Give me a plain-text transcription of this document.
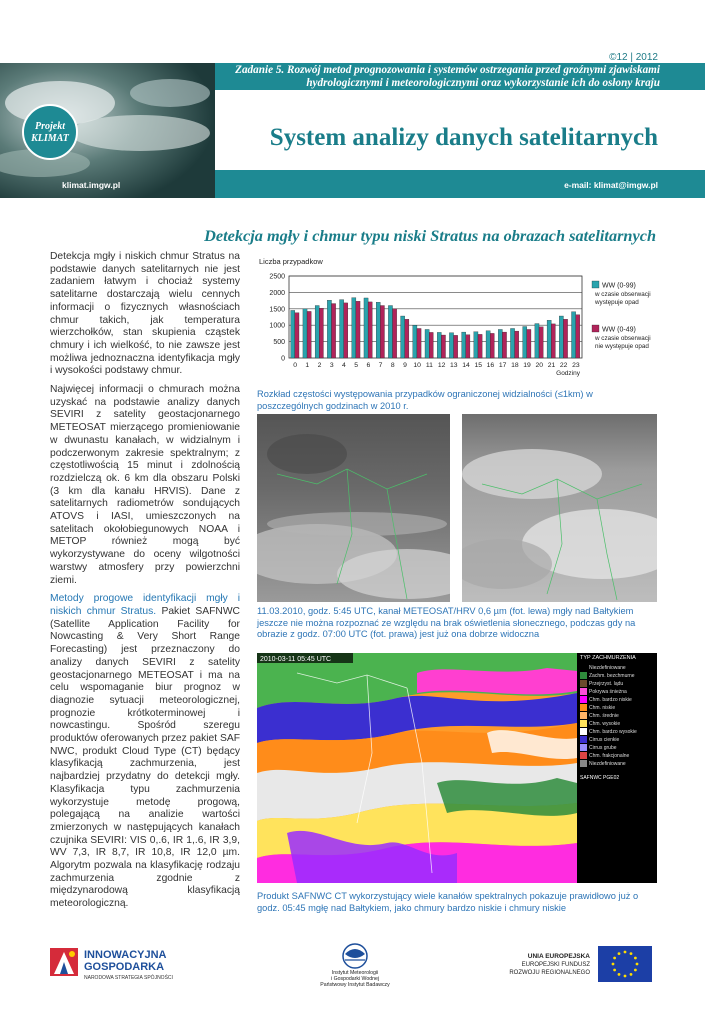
©12 | 2012
Zadanie 5. Rozwój metod prognozowania i systemów ostrzegania przed groźnymi zjawiskami
hydrologicznymi i meteorologicznymi oraz wykorzystanie ich do osłony kraju
System analizy danych satelitarnych
Projekt
KLIMAT
klimat.imgw.pl	e-mail: klimat@imgw.pl
Detekcja mgły i chmur typu niski Stratus na obrazach satelitarnych

Detekcja mgły i niskich chmur Stratus na podstawie danych satelitarnych nie jest zadaniem łatwym i chociaż systemy satelitarne dostarczają wielu cennych informacji o fizycznych własnościach chmur takich, jak temperatura wierzchołków, stan skupienia cząstek chmury i ich wielkość, to nie zawsze jest możliwa jednoznaczna identyfikacja mgły i wysokości podstawy chmur.

Najwięcej informacji o chmurach można uzyskać na podstawie analizy danych SEVIRI z satelity geostacjonarnego METEOSAT mierzącego promieniowanie w dwunastu kanałach, w widzialnym i podczerwonym zakresie spektralnym; z częstotliwością 15 minut i zdolnością rozdzielczą ok. 6 km dla obszaru Polski (3 km dla kanału HRVIS). Dane z satelitarnych radiometrów sondujących ATOVS i IASI, umieszczonych na satelitach okołobiegunowych NOAA i METOP również mogą być wykorzystywane do oceny wilgotności warstwy atmosfery przy powierzchni ziemi.

Metody progowe identyfikacji mgły i niskich chmur Stratus. Pakiet SAFNWC (Satellite Application Facility for Nowcasting & Very Short Range Forecasting) jest przeznaczony do analizy danych SEVIRI z satelity geostacjonarnego METEOSAT i ma na celu wspomaganie biur prognoz w diagnozie sytuacji meteorologicznej, prognozie krótkoterminowej i nowcastingu. Spośród szeregu produktów oferowanych przez pakiet SAF NWC, produkt Cloud Type (CT) będący klasyfikacją zachmurzenia, jest najbardziej przydatny do detekcji mgły. Klasyfikacja typu zachmurzenia wykorzystuje metodę progową, polegającą na analizie wartości zmierzonych w następujących kanałach czujnika SEVIRI: VIS 0,.6, IR 1,.6, IR 3,9, WV 7,3, IR 8,7, IR 10,8, IR 12,0 µm. Algorytm pozwala na klasyfikację rodzaju zachmurzenia zgodnie z międzynarodową klasyfikacją meteorologiczną.

Liczba przypadkow
0
500
1000
1500
2000
2500
0 1 2 3 4 5 6 7 8 9 10 11 12 13 14 15 16 17 18 19 20 21 22 23
Godziny
WW (0-99)
w czasie obserwacji
występuje opad
WW (0-49)
w czasie obserwacji
nie występuje opad
Rozkład częstości występowania przypadków ograniczonej widzialności (≤1km) w poszczególnych godzinach w 2010 r.
11.03.2010, godz. 5:45 UTC, kanał METEOSAT/HRV 0,6 µm (fot. lewa) mgły nad Bałtykiem jeszcze nie można rozpoznać ze względu na brak oświetlenia słonecznego, podczas gdy na obrazie z godz. 07:00 UTC (fot. prawa) jest już ona dobrze widoczna
2010-03-11 05:45 UTC	TYP ZACHMURZENIA
Niezdefiniowane
Zachm. bezchmurne
Przejrzyst. lądu
Pokrywa śnieżna
Chm. bardzo niskie
Chm. niskie
Chm. średnie
Chm. wysokie
Chm. bardzo wysokie
Cirrus cienkie
Cirrus grube
Chm. frakcjonalne
Niezdefiniowane
SAFNWC PGE02
Produkt SAFNWC CT wykorzystujący wiele kanałów spektralnych pokazuje prawidłowo już o godz. 05:45 mgłę nad Bałtykiem, jako chmury bardzo niskie i chmury niskie
INNOWACYJNA
GOSPODARKA
NARODOWA STRATEGIA SPÓJNOŚCI
Instytut Meteorologii
i Gospodarki Wodnej
Państwowy Instytut Badawczy
UNIA EUROPEJSKA
EUROPEJSKI FUNDUSZ
ROZWOJU REGIONALNEGO
